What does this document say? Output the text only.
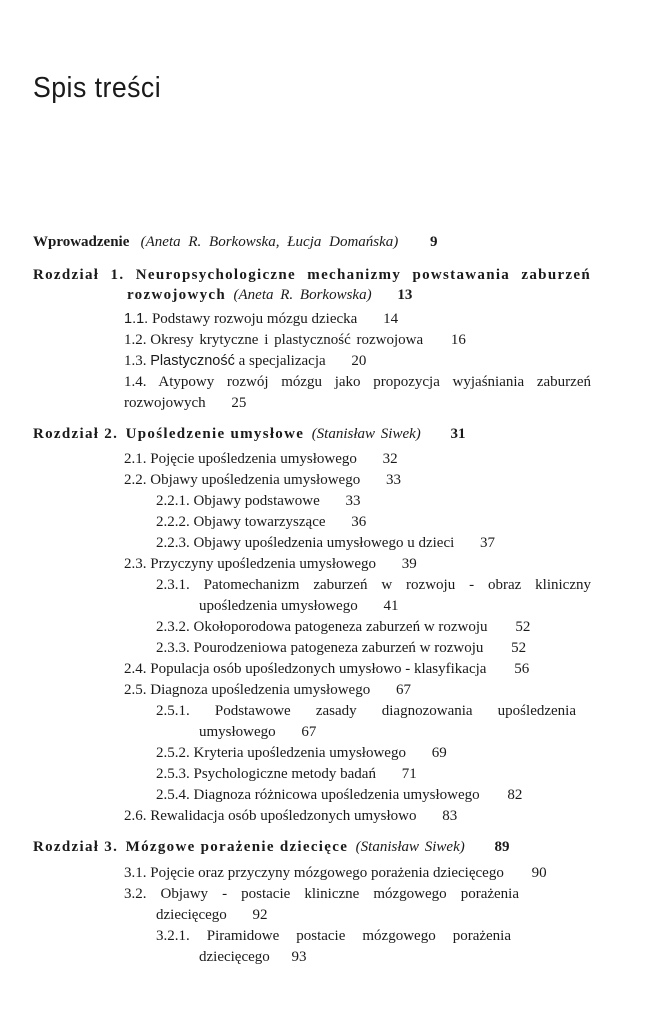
Spis treści
Wprowadzenie (Aneta R. Borkowska, Łucja Domańska) 9
Rozdział 1. Neuropsychologiczne mechanizmy powstawania zaburzeń
rozwojowych (Aneta R. Borkowska) 13
1.1. Podstawy rozwoju mózgu dziecka 14
1.2. Okresy krytyczne i plastyczność rozwojowa 16
1.3. Plastyczność a specjalizacja 20
1.4. Atypowy rozwój mózgu jako propozycja wyjaśniania zaburzeń
rozwojowych 25
Rozdział 2. Upośledzenie umysłowe (Stanisław Siwek) 31
2.1. Pojęcie upośledzenia umysłowego 32
2.2. Objawy upośledzenia umysłowego 33
2.2.1. Objawy podstawowe 33
2.2.2. Objawy towarzyszące 36
2.2.3. Objawy upośledzenia umysłowego u dzieci 37
2.3. Przyczyny upośledzenia umysłowego 39
2.3.1. Patomechanizm zaburzeń w rozwoju - obraz kliniczny
upośledzenia umysłowego 41
2.3.2. Okołoporodowa patogeneza zaburzeń w rozwoju 52
2.3.3. Pourodzeniowa patogeneza zaburzeń w rozwoju 52
2.4. Populacja osób upośledzonych umysłowo - klasyfikacja 56
2.5. Diagnoza upośledzenia umysłowego 67
2.5.1. Podstawowe zasady diagnozowania upośledzenia
umysłowego 67
2.5.2. Kryteria upośledzenia umysłowego 69
2.5.3. Psychologiczne metody badań 71
2.5.4. Diagnoza różnicowa upośledzenia umysłowego 82
2.6. Rewalidacja osób upośledzonych umysłowo 83
Rozdział 3. Mózgowe porażenie dziecięce (Stanisław Siwek) 89
3.1. Pojęcie oraz przyczyny mózgowego porażenia dziecięcego 90
3.2. Objawy - postacie kliniczne mózgowego porażenia
dziecięcego 92
3.2.1. Piramidowe postacie mózgowego porażenia
dziecięcego 93
